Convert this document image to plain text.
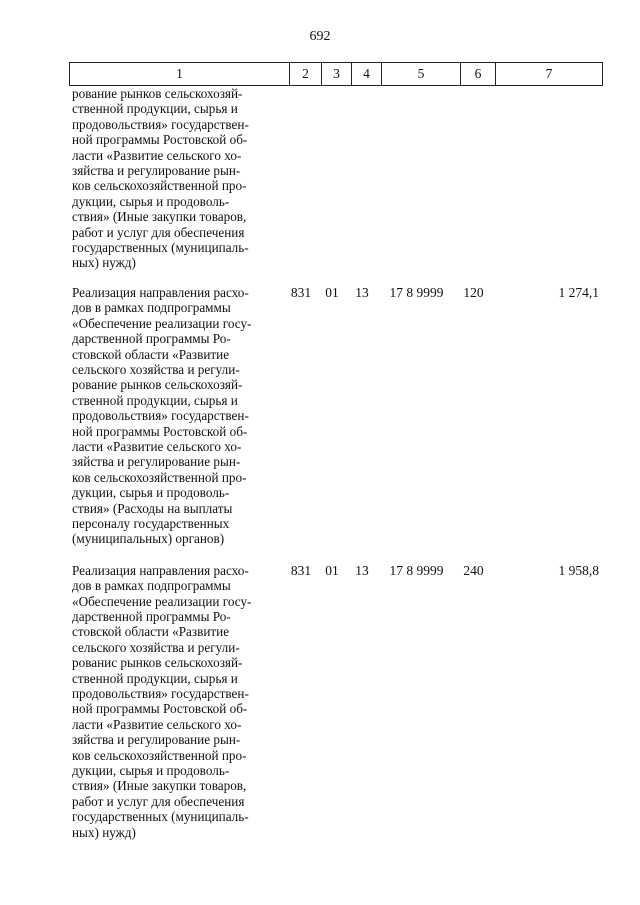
692
1	2	3	4	5	6	7
рование рынков сельскохозяй-
ственной продукции, сырья и
продовольствия» государствен-
ной программы Ростовской об-
ласти «Развитие сельского хо-
зяйства и регулирование рын-
ков сельскохозяйственной про-
дукции, сырья и продоволь-
ствия» (Иные закупки товаров,
работ и услуг для обеспечения
государственных (муниципаль-
ных) нужд)
Реализация направления расхо-
дов в рамках подпрограммы
«Обеспечение реализации госу-
дарственной программы Ро-
стовской области «Развитие
сельского хозяйства и регули-
рование рынков сельскохозяй-
ственной продукции, сырья и
продовольствия» государствен-
ной программы Ростовской об-
ласти «Развитие сельского хо-
зяйства и регулирование рын-
ков сельскохозяйственной про-
дукции, сырья и продоволь-
ствия» (Расходы на выплаты
персоналу государственных
(муниципальных) органов)
831	01	13	17 8 9999	120	1 274,1
Реализация направления расхо-
дов в рамках подпрограммы
«Обеспечение реализации госу-
дарственной программы Ро-
стовской области «Развитие
сельского хозяйства и регули-
рованис рынков сельскохозяй-
ственной продукции, сырья и
продовольствия» государствен-
ной программы Ростовской об-
ласти «Развитие сельского хо-
зяйства и регулирование рын-
ков сельскохозяйственной про-
дукции, сырья и продоволь-
ствия» (Иные закупки товаров,
работ и услуг для обеспечения
государственных (муниципаль-
ных) нужд)
831	01	13	17 8 9999	240	1 958,8
